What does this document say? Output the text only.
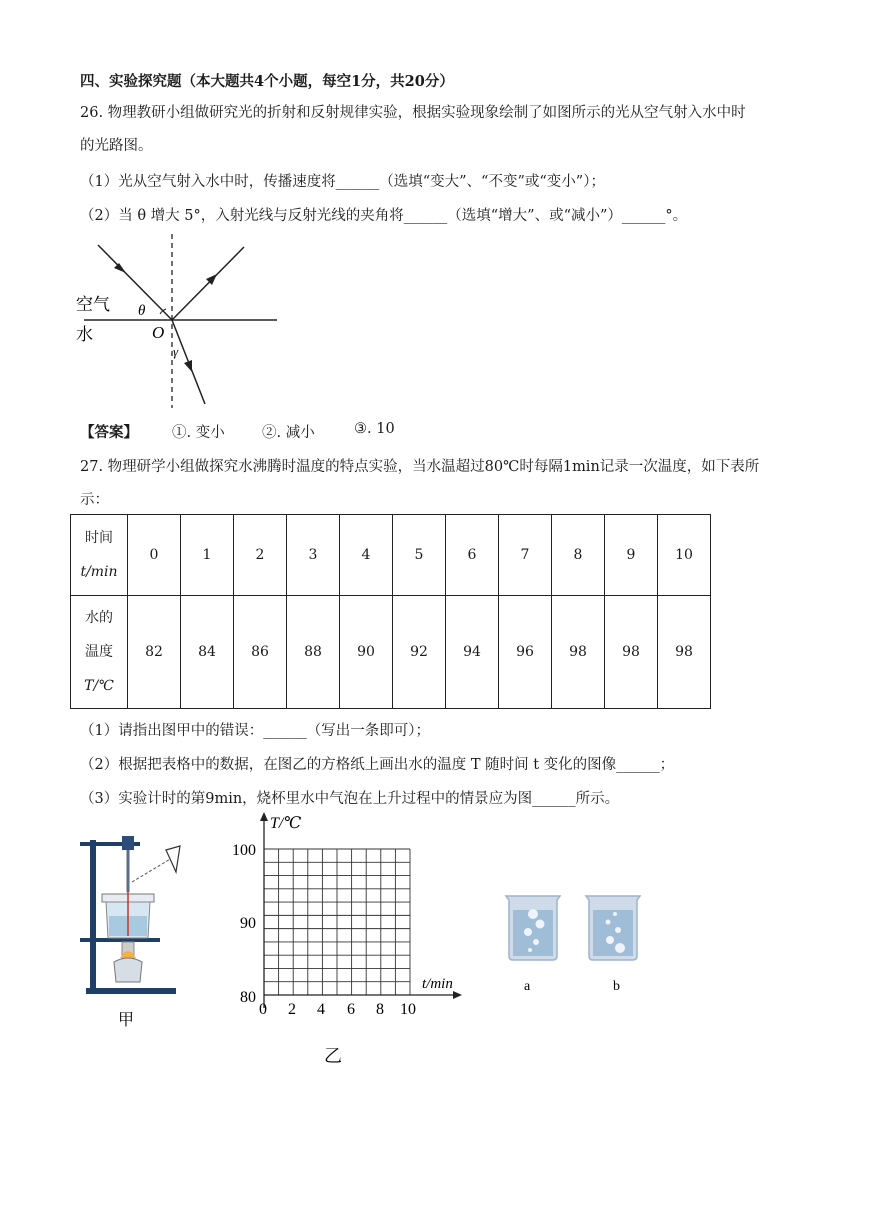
四、实验探究题（本大题共4个小题，每空1分，共20分）
26. 物理教研小组做研究光的折射和反射规律实验，根据实验现象绘制了如图所示的光从空气射入水中时
的光路图。
（1）光从空气射入水中时，传播速度将______（选填“变大”、“不变”或“变小”）；
（2）当 θ 增大 5°，入射光线与反射光线的夹角将______（选填“增大”、或“减小”）______°。
空气
水
θ
O
γ
【答案】 ①. 变小	②. 减小	③. 10
27. 物理研学小组做探究水沸腾时温度的特点实验，当水温超过80℃时每隔1min记录一次温度，如下表所
示：
时间
t/min	0	1	2	3	4	5	6	7	8	9	10

水的
温度
T/℃	82	84	86	88	90	92	94	96	98	98	98
（1）请指出图甲中的错误：______（写出一条即可）；
（2）根据把表格中的数据，在图乙的方格纸上画出水的温度 T 随时间 t 变化的图像______；
（3）实验计时的第9min，烧杯里水中气泡在上升过程中的情景应为图______所示。
甲
T/℃
t/min
100
90
80
0 2 4 6 8 10
乙
a	b
